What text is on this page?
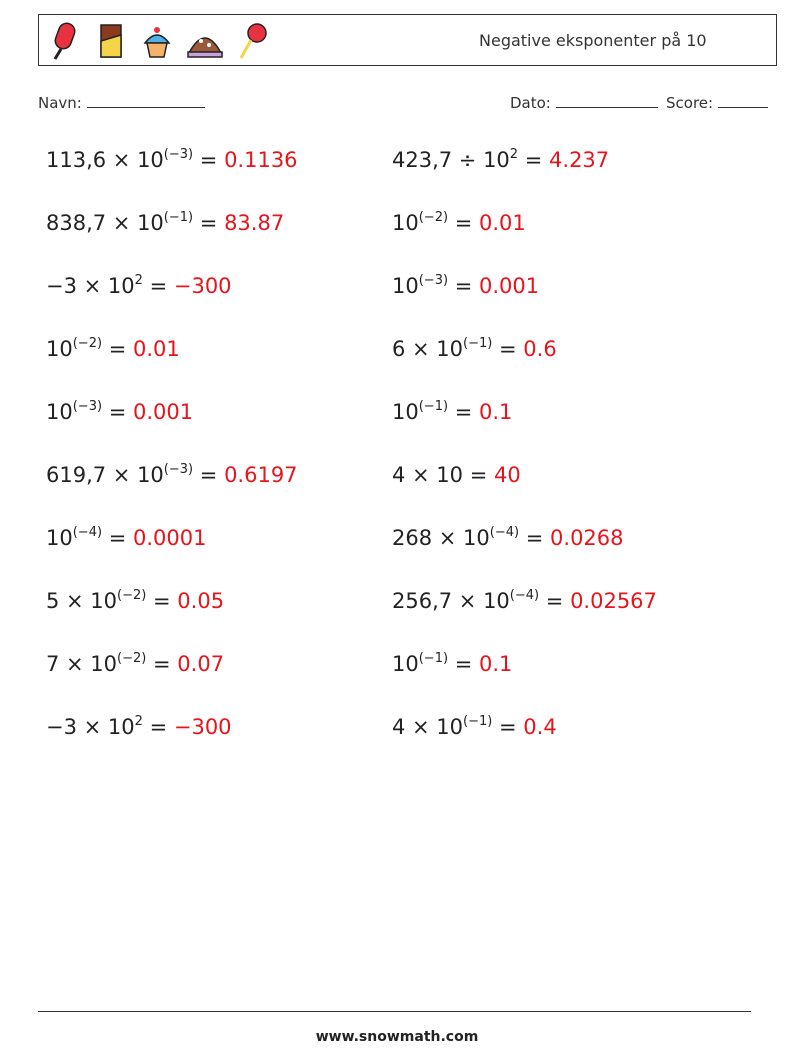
Negative eksponenter på 10
Navn:	Dato:	Score:
$113,6 \times 10^{(-3)} = 0.1136$	$423,7 \div 10^2 = 4.237$
$838,7 \times 10^{(-1)} = 83.87$	$10^{(-2)} = 0.01$
$-3 \times 10^2 = -300$	$10^{(-3)} = 0.001$
$10^{(-2)} = 0.01$	$6 \times 10^{(-1)} = 0.6$
$10^{(-3)} = 0.001$	$10^{(-1)} = 0.1$
$619,7 \times 10^{(-3)} = 0.6197$	4 × 10 = 40
$10^{(-4)} = 0.0001$	$268 \times 10^{(-4)} = 0.0268$
$5 \times 10^{(-2)} = 0.05$	$256,7 \times 10^{(-4)} = 0.02567$
$7 \times 10^{(-2)} = 0.07$	$10^{(-1)} = 0.1$
$-3 \times 10^2 = -300$	$4 \times 10^{(-1)} = 0.4$
www.snowmath.com
